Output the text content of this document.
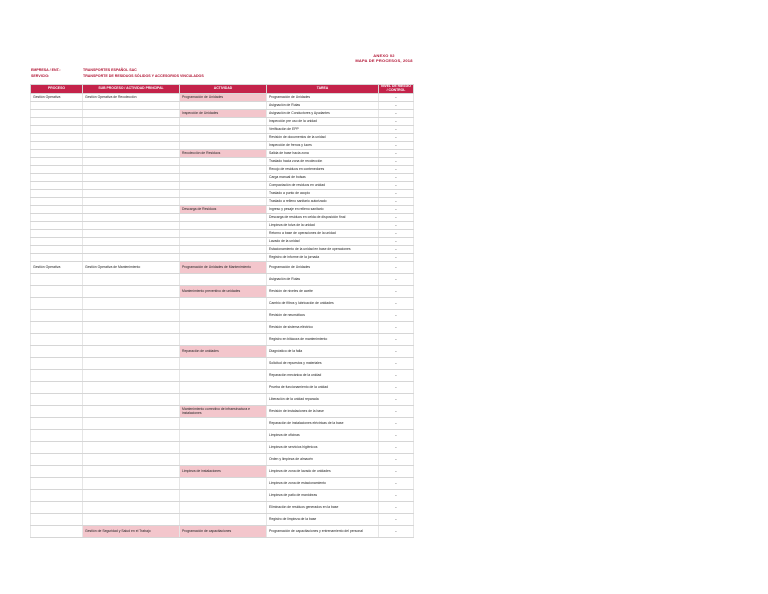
ANEXO 02
MAPA DE PROCESOS, 2018
EMPRESA / ENT.:	TRANSPORTES ESPAÑOL SAC
SERVICIO:	TRANSPORTE DE RESIDUOS SÓLIDOS Y ACCESORIOS VINCULADOS
PROCESO	SUB PROCESO / ACTIVIDAD PRINCIPAL	ACTIVIDAD	TAREA	NIVEL DE RIESGO / CONTROL
Gestión Operativa	Gestión Operativa de Recolección	Programación de Unidades	Programación de Unidades	-
			Asignación de Rutas	-
		Inspección de Unidades	Asignación de Conductores y Ayudantes	-
			Inspección pre uso de la unidad	-
			Verificación de EPP	-
			Revisión de documentos de la unidad	-
			Inspección de frenos y luces	-
		Recolección de Residuos	Salida de base hacia zona	-
			Traslado hacia zona de recolección	-
			Recojo de residuos en contenedores	-
			Carga manual de bolsas	-
			Compactación de residuos en unidad	-
			Traslado a punto de acopio	-
			Traslado a relleno sanitario autorizado	-
		Descarga de Residuos	Ingreso y pesaje en relleno sanitario	-
			Descarga de residuos en celda de disposición final	-
			Limpieza de tolva de la unidad	-
			Retorno a base de operaciones de la unidad	-
			Lavado de la unidad	-
			Estacionamiento de la unidad en base de operaciones	-
			Registro de informe de la jornada	-
Gestión Operativa	Gestión Operativa de Mantenimiento	Programación de Unidades de Mantenimiento	Programación de Unidades	-
			Asignación de Rutas	-
		Mantenimiento preventivo de unidades	Revisión de niveles de aceite	-
			Cambio de filtros y lubricación de unidades	-
			Revisión de neumáticos	-
			Revisión de sistema eléctrico	-
			Registro en bitácora de mantenimiento	-
		Reparación de unidades	Diagnóstico de la falla	-
			Solicitud de repuestos y materiales	-
			Reparación mecánica de la unidad	-
			Prueba de funcionamiento de la unidad	-
			Liberación de la unidad reparada	-
		Mantenimiento correctivo de infraestructura e instalaciones	Revisión de instalaciones de la base	-
			Reparación de instalaciones eléctricas de la base	-
			Limpieza de oficinas	-
			Limpieza de servicios higiénicos	-
			Orden y limpieza de almacén	-
		Limpieza de instalaciones	Limpieza de zona de lavado de unidades	-
			Limpieza de zona de estacionamiento	-
			Limpieza de patio de maniobras	-
			Eliminación de residuos generados en la base	-
			Registro de limpieza de la base	-
	Gestión de Seguridad y Salud en el Trabajo	Programación de capacitaciones	Programación de capacitaciones y entrenamiento del personal	-
